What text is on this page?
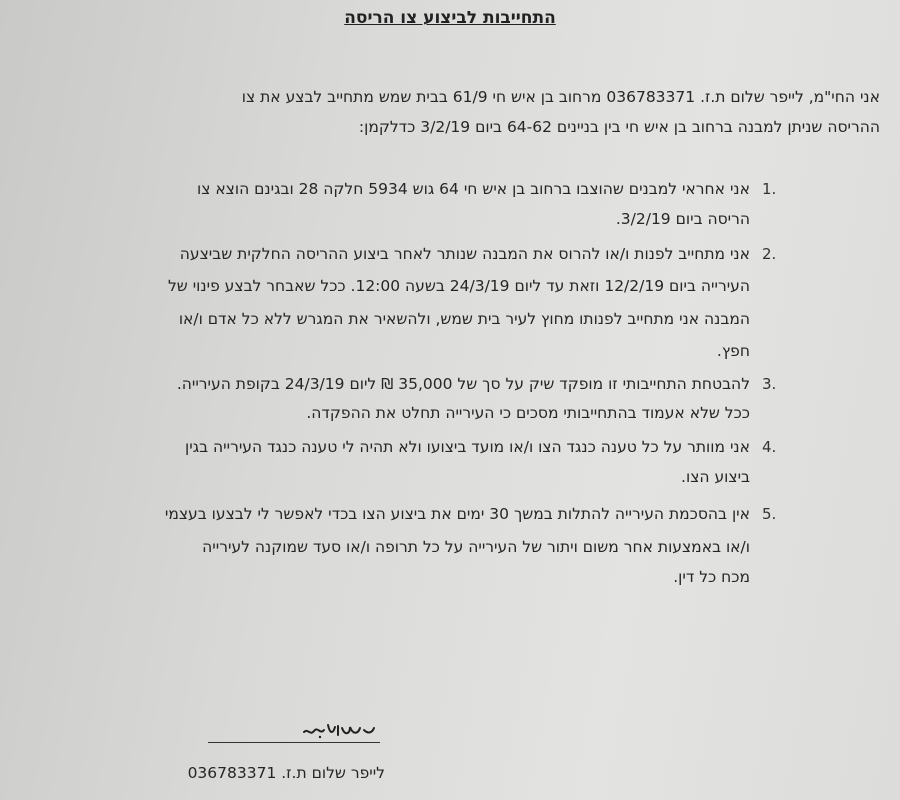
התחייבות לביצוע צו הריסה
אני החי"מ, לייפר שלום ת.ז. 036783371 מרחוב בן איש חי 61/9 בבית שמש מתחייב לבצע את צו
ההריסה שניתן למבנה ברחוב בן איש חי בין בניינים 64-62 ביום 3/2/19 כדלקמן:
1.
אני אחראי למבנים שהוצבו ברחוב בן איש חי 64 גוש 5934 חלקה 28 ובגינם הוצא צו
הריסה ביום 3/2/19.
2.
אני מתחייב לפנות ו/או להרוס את המבנה שנותר לאחר ביצוע ההריסה החלקית שביצעה
העירייה ביום 12/2/19 וזאת עד ליום 24/3/19 בשעה 12:00. ככל שאבחר לבצע פינוי של
המבנה אני מתחייב לפנותו מחוץ לעיר בית שמש, ולהשאיר את המגרש ללא כל אדם ו/או
חפץ.
3.
להבטחת התחייבותי זו מופקד שיק על סך של 35,000 ₪ ליום 24/3/19 בקופת העירייה.
ככל שלא אעמוד בהתחייבותי מסכים כי העירייה תחלט את ההפקדה.
4.
אני מוותר על כל טענה כנגד הצו ו/או מועד ביצועו ולא תהיה לי טענה כנגד העירייה בגין
ביצוע הצו.
5.
אין בהסכמת העירייה להתלות במשך 30 ימים את ביצוע הצו בכדי לאפשר לי לבצעו בעצמי
ו/או באמצעות אחר משום ויתור של העירייה על כל תרופה ו/או סעד שמוקנה לעירייה
מכח כל דין.
לייפר שלום ת.ז. 036783371
